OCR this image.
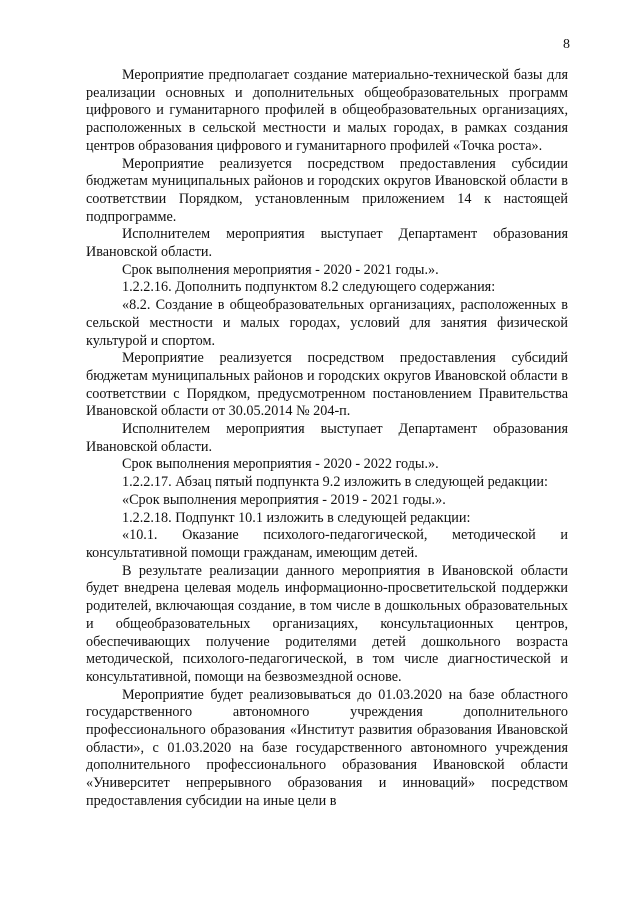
8

Мероприятие предполагает создание материально-технической базы для реализации основных и дополнительных общеобразовательных программ цифрового и гуманитарного профилей в общеобразовательных организациях, расположенных в сельской местности и малых городах, в рамках создания центров образования цифрового и гуманитарного профилей «Точка роста».

Мероприятие реализуется посредством предоставления субсидии бюджетам муниципальных районов и городских округов Ивановской области в соответствии Порядком, установленным приложением 14 к настоящей подпрограмме.

Исполнителем мероприятия выступает Департамент образования Ивановской области.

Срок выполнения мероприятия - 2020 - 2021 годы.».

1.2.2.16. Дополнить подпунктом 8.2 следующего содержания:

«8.2. Создание в общеобразовательных организациях, расположенных в сельской местности и малых городах, условий для занятия физической культурой и спортом.

Мероприятие реализуется посредством предоставления субсидий бюджетам муниципальных районов и городских округов Ивановской области в соответствии с Порядком, предусмотренном постановлением Правительства Ивановской области от 30.05.2014 № 204-п.

Исполнителем мероприятия выступает Департамент образования Ивановской области.

Срок выполнения мероприятия - 2020 - 2022 годы.».

1.2.2.17. Абзац пятый подпункта 9.2 изложить в следующей редакции:

«Срок выполнения мероприятия - 2019 - 2021 годы.».

1.2.2.18. Подпункт 10.1 изложить в следующей редакции:

«10.1. Оказание психолого-педагогической, методической и консультативной помощи гражданам, имеющим детей.

В результате реализации данного мероприятия в Ивановской области будет внедрена целевая модель информационно-просветительской поддержки родителей, включающая создание, в том числе в дошкольных образовательных и общеобразовательных организациях, консультационных центров, обеспечивающих получение родителями детей дошкольного возраста методической, психолого-педагогической, в том числе диагностической и консультативной, помощи на безвозмездной основе.

Мероприятие будет реализовываться до 01.03.2020 на базе областного государственного автономного учреждения дополнительного профессионального образования «Институт развития образования Ивановской области», с 01.03.2020 на базе государственного автономного учреждения дополнительного профессионального образования Ивановской области «Университет непрерывного образования и инноваций» посредством предоставления субсидии на иные цели в
